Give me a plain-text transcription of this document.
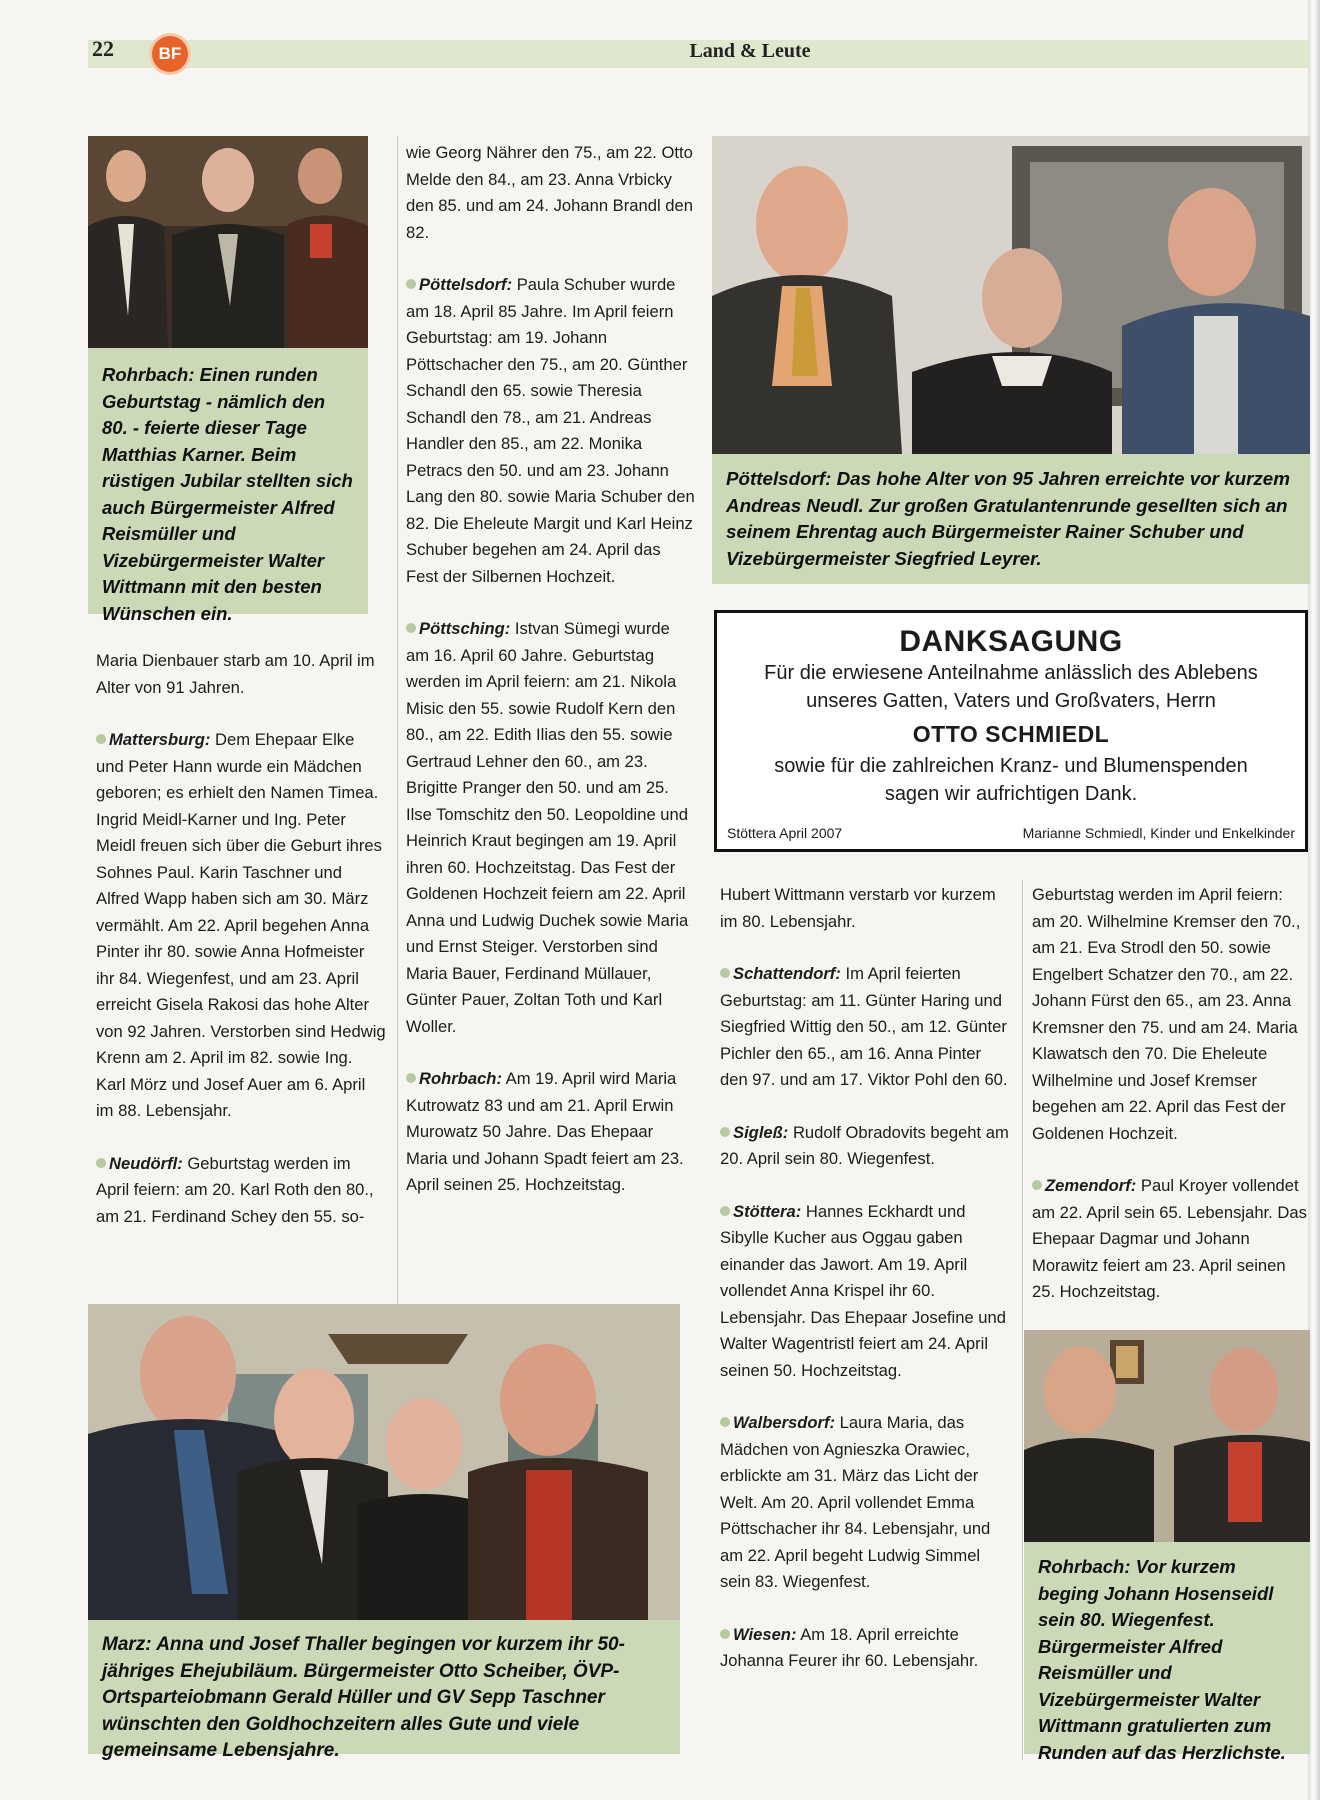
22	BF	Land & Leute
Rohrbach: Einen runden Geburtstag - nämlich den 80. - feierte dieser Tage Matthias Karner. Beim rüstigen Jubilar stellten sich auch Bürgermeister Alfred Reismüller und Vizebürgermeister Walter Wittmann mit den besten Wünschen ein.

Maria Dienbauer starb am 10. April im Alter von 91 Jahren.

Mattersburg: Dem Ehepaar Elke und Peter Hann wurde ein Mädchen geboren; es erhielt den Namen Timea. Ingrid Meidl-Karner und Ing. Peter Meidl freuen sich über die Geburt ihres Sohnes Paul. Karin Taschner und Alfred Wapp haben sich am 30. März vermählt. Am 22. April begehen Anna Pinter ihr 80. sowie Anna Hofmeister ihr 84. Wiegenfest, und am 23. April erreicht Gisela Rakosi das hohe Alter von 92 Jahren. Verstorben sind Hedwig Krenn am 2. April im 82. sowie Ing. Karl Mörz und Josef Auer am 6. April im 88. Lebensjahr.

Neudörfl: Geburtstag werden im April feiern: am 20. Karl Roth den 80., am 21. Ferdinand Schey den 55. so-

wie Georg Nährer den 75., am 22. Otto Melde den 84., am 23. Anna Vrbicky den 85. und am 24. Johann Brandl den 82.

Pöttelsdorf: Paula Schuber wurde am 18. April 85 Jahre. Im April feiern Geburtstag: am 19. Johann Pöttschacher den 75., am 20. Günther Schandl den 65. sowie Theresia Schandl den 78., am 21. Andreas Handler den 85., am 22. Monika Petracs den 50. und am 23. Johann Lang den 80. sowie Maria Schuber den 82. Die Eheleute Margit und Karl Heinz Schuber begehen am 24. April das Fest der Silbernen Hochzeit.

Pöttsching: Istvan Sümegi wurde am 16. April 60 Jahre. Geburtstag werden im April feiern: am 21. Nikola Misic den 55. sowie Rudolf Kern den 80., am 22. Edith Ilias den 55. sowie Gertraud Lehner den 60., am 23. Brigitte Pranger den 50. und am 25. Ilse Tomschitz den 50. Leopoldine und Heinrich Kraut begingen am 19. April ihren 60. Hochzeitstag. Das Fest der Goldenen Hochzeit feiern am 22. April Anna und Ludwig Duchek sowie Maria und Ernst Steiger. Verstorben sind Maria Bauer, Ferdinand Müllauer, Günter Pauer, Zoltan Toth und Karl Woller.

Rohrbach: Am 19. April wird Maria Kutrowatz 83 und am 21. April Erwin Murowatz 50 Jahre. Das Ehepaar Maria und Johann Spadt feiert am 23. April seinen 25. Hochzeitstag.

Pöttelsdorf: Das hohe Alter von 95 Jahren erreichte vor kurzem Andreas Neudl. Zur großen Gratulantenrunde gesellten sich an seinem Ehrentag auch Bürgermeister Rainer Schuber und Vizebürgermeister Siegfried Leyrer.
DANKSAGUNG
Für die erwiesene Anteilnahme anlässlich des Ablebens unseres Gatten, Vaters und Großvaters, Herrn
OTTO SCHMIEDL
sowie für die zahlreichen Kranz- und Blumenspenden sagen wir aufrichtigen Dank.
Stöttera April 2007	Marianne Schmiedl, Kinder und Enkelkinder

Hubert Wittmann verstarb vor kurzem im 80. Lebensjahr.

Schattendorf: Im April feierten Geburtstag: am 11. Günter Haring und Siegfried Wittig den 50., am 12. Günter Pichler den 65., am 16. Anna Pinter den 97. und am 17. Viktor Pohl den 60.

Sigleß: Rudolf Obradovits begeht am 20. April sein 80. Wiegenfest.

Stöttera: Hannes Eckhardt und Sibylle Kucher aus Oggau gaben einander das Jawort. Am 19. April vollendet Anna Krispel ihr 60. Lebensjahr. Das Ehepaar Josefine und Walter Wagentristl feiert am 24. April seinen 50. Hochzeitstag.

Walbersdorf: Laura Maria, das Mädchen von Agnieszka Orawiec, erblickte am 31. März das Licht der Welt. Am 20. April vollendet Emma Pöttschacher ihr 84. Lebensjahr, und am 22. April begeht Ludwig Simmel sein 83. Wiegenfest.

Wiesen: Am 18. April erreichte Johanna Feurer ihr 60. Lebensjahr.

Geburtstag werden im April feiern: am 20. Wilhelmine Kremser den 70., am 21. Eva Strodl den 50. sowie Engelbert Schatzer den 70., am 22. Johann Fürst den 65., am 23. Anna Kremsner den 75. und am 24. Maria Klawatsch den 70. Die Eheleute Wilhelmine und Josef Kremser begehen am 22. April das Fest der Goldenen Hochzeit.

Zemendorf: Paul Kroyer vollendet am 22. April sein 65. Lebensjahr. Das Ehepaar Dagmar und Johann Morawitz feiert am 23. April seinen 25. Hochzeitstag.

Marz: Anna und Josef Thaller begingen vor kurzem ihr 50-jähriges Ehejubiläum. Bürgermeister Otto Scheiber, ÖVP-Ortsparteiobmann Gerald Hüller und GV Sepp Taschner wünschten den Goldhochzeitern alles Gute und viele gemeinsame Lebensjahre.
Rohrbach: Vor kurzem beging Johann Hosenseidl sein 80. Wiegenfest. Bürgermeister Alfred Reismüller und Vizebürgermeister Walter Wittmann gratulierten zum Runden auf das Herzlichste.
